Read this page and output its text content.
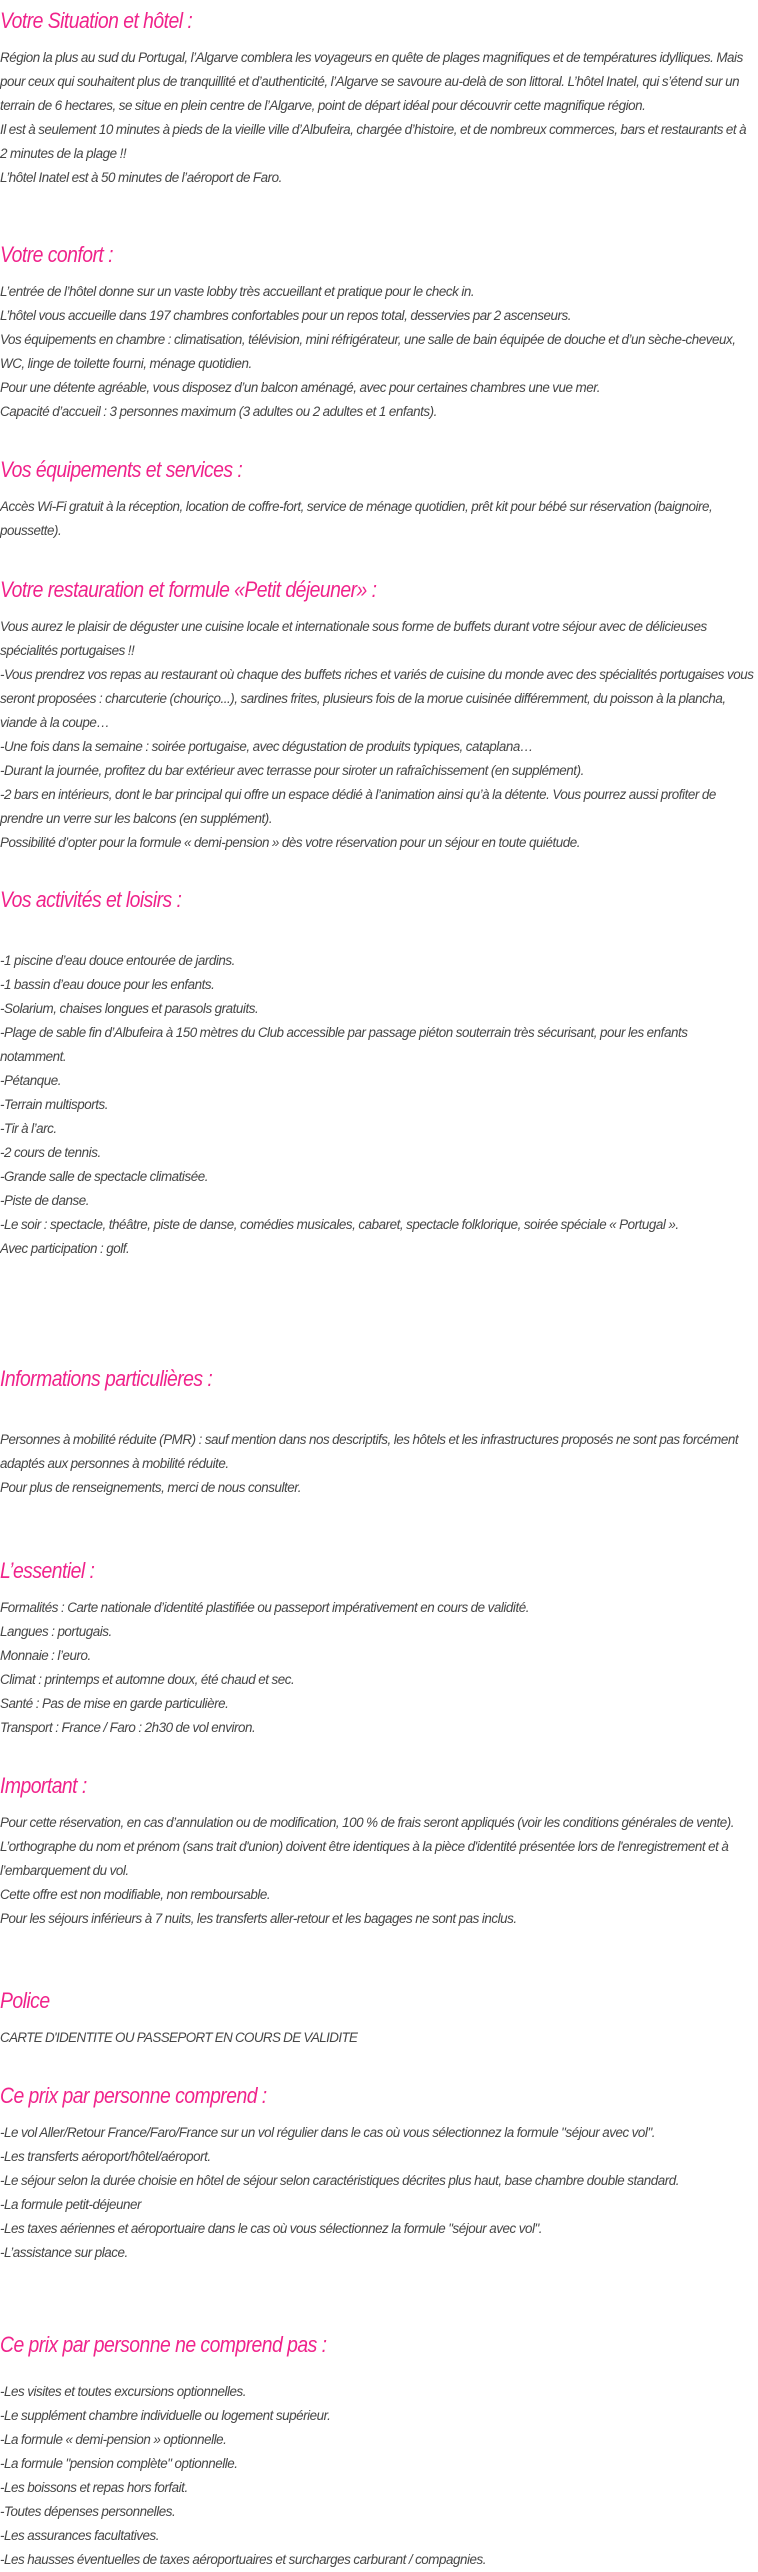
Votre Situation et hôtel :

Région la plus au sud du Portugal, l’Algarve comblera les voyageurs en quête de plages magnifiques et de températures idylliques. Mais pour ceux qui souhaitent plus de tranquillité et d’authenticité, l’Algarve se savoure au-delà de son littoral. L’hôtel Inatel, qui s’étend sur un terrain de 6 hectares, se situe en plein centre de l’Algarve, point de départ idéal pour découvrir cette magnifique région.

Il est à seulement 10 minutes à pieds de la vieille ville d’Albufeira, chargée d’histoire, et de nombreux commerces, bars et restaurants et à 2 minutes de la plage !!

L’hôtel Inatel est à 50 minutes de l’aéroport de Faro.

Votre confort :

L’entrée de l’hôtel donne sur un vaste lobby très accueillant et pratique pour le check in.

L’hôtel vous accueille dans 197 chambres confortables pour un repos total, desservies par 2 ascenseurs.

Vos équipements en chambre : climatisation, télévision, mini réfrigérateur, une salle de bain équipée de douche et d’un sèche-cheveux, WC, linge de toilette fourni, ménage quotidien.

Pour une détente agréable, vous disposez d’un balcon aménagé, avec pour certaines chambres une vue mer.

Capacité d’accueil : 3 personnes maximum (3 adultes ou 2 adultes et 1 enfants).

Vos équipements et services :

Accès Wi-Fi gratuit à la réception, location de coffre-fort, service de ménage quotidien, prêt kit pour bébé sur réservation (baignoire, poussette).

Votre restauration et formule «Petit déjeuner» :

Vous aurez le plaisir de déguster une cuisine locale et internationale sous forme de buffets durant votre séjour avec de délicieuses spécialités portugaises !!

-Vous prendrez vos repas au restaurant où chaque des buffets riches et variés de cuisine du monde avec des spécialités portugaises vous seront proposées : charcuterie (chouriço...), sardines frites, plusieurs fois de la morue cuisinée différemment, du poisson à la plancha, viande à la coupe…

-Une fois dans la semaine : soirée portugaise, avec dégustation de produits typiques, cataplana…

-Durant la journée, profitez du bar extérieur avec terrasse pour siroter un rafraîchissement (en supplément).

-2 bars en intérieurs, dont le bar principal qui offre un espace dédié à l’animation ainsi qu’à la détente. Vous pourrez aussi profiter de prendre un verre sur les balcons (en supplément).

Possibilité d’opter pour la formule « demi-pension » dès votre réservation pour un séjour en toute quiétude.

Vos activités et loisirs :

-1 piscine d’eau douce entourée de jardins.

-1 bassin d’eau douce pour les enfants.

-Solarium, chaises longues et parasols gratuits.

-Plage de sable fin d’Albufeira à 150 mètres du Club accessible par passage piéton souterrain très sécurisant, pour les enfants notamment.

-Pétanque.

-Terrain multisports.

-Tir à l’arc.

-2 cours de tennis.

-Grande salle de spectacle climatisée.

-Piste de danse.

-Le soir : spectacle, théâtre, piste de danse, comédies musicales, cabaret, spectacle folklorique, soirée spéciale « Portugal ».

Avec participation : golf.

Informations particulières :

Personnes à mobilité réduite (PMR) : sauf mention dans nos descriptifs, les hôtels et les infrastructures proposés ne sont pas forcément adaptés aux personnes à mobilité réduite.

Pour plus de renseignements, merci de nous consulter.

L’essentiel :

Formalités : Carte nationale d’identité plastifiée ou passeport impérativement en cours de validité.

Langues : portugais.

Monnaie : l’euro.

Climat : printemps et automne doux, été chaud et sec.

Santé : Pas de mise en garde particulière.

Transport : France / Faro : 2h30 de vol environ.

Important :

Pour cette réservation, en cas d’annulation ou de modification, 100 % de frais seront appliqués (voir les conditions générales de vente).

L’orthographe du nom et prénom (sans trait d'union) doivent être identiques à la pièce d'identité présentée lors de l'enregistrement et à l’embarquement du vol.

Cette offre est non modifiable, non remboursable.

Pour les séjours inférieurs à 7 nuits, les transferts aller-retour et les bagages ne sont pas inclus.

Police

CARTE D'IDENTITE OU PASSEPORT EN COURS DE VALIDITE

Ce prix par personne comprend :

-Le vol Aller/Retour France/Faro/France sur un vol régulier dans le cas où vous sélectionnez la formule "séjour avec vol".

-Les transferts aéroport/hôtel/aéroport.

-Le séjour selon la durée choisie en hôtel de séjour selon caractéristiques décrites plus haut, base chambre double standard.

-La formule petit-déjeuner

-Les taxes aériennes et aéroportuaire dans le cas où vous sélectionnez la formule "séjour avec vol".

-L’assistance sur place.

Ce prix par personne ne comprend pas :

-Les visites et toutes excursions optionnelles.

-Le supplément chambre individuelle ou logement supérieur.

-La formule « demi-pension » optionnelle.

-La formule "pension complète" optionnelle.

-Les boissons et repas hors forfait.

-Toutes dépenses personnelles.

-Les assurances facultatives.

-Les hausses éventuelles de taxes aéroportuaires et surcharges carburant / compagnies.
